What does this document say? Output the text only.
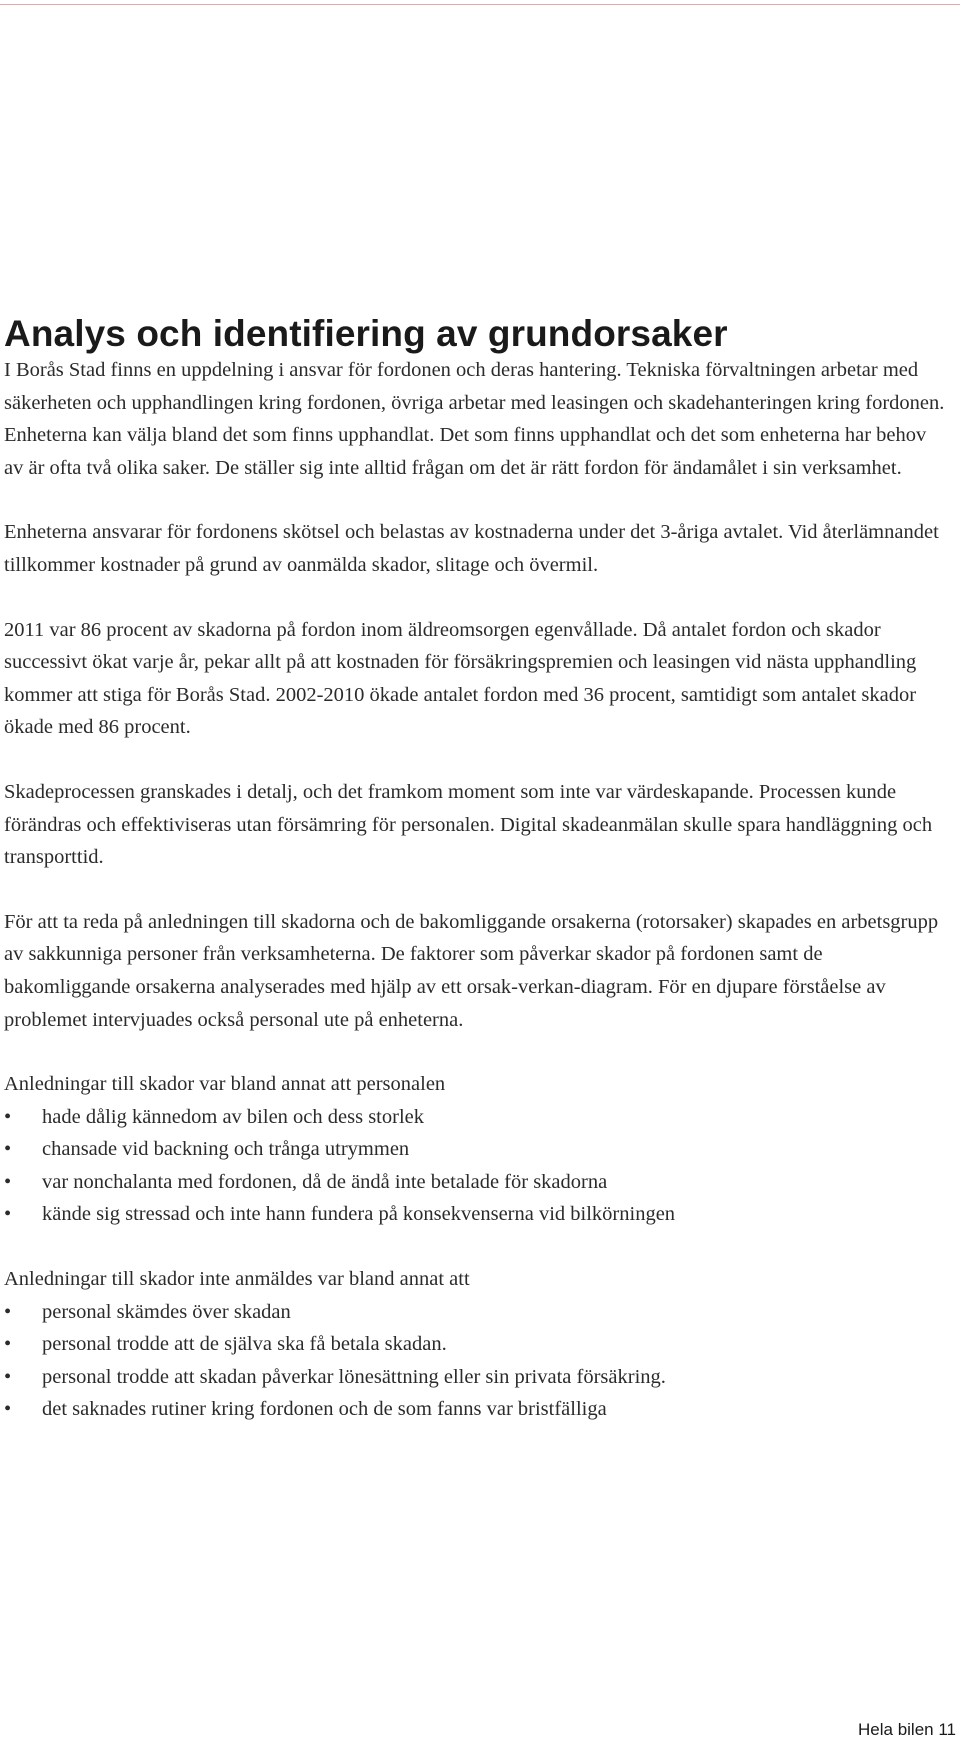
Analys och identifiering av grundorsaker

I Borås Stad finns en uppdelning i ansvar för fordonen och deras hantering. Tekniska förvaltningen arbetar med säkerheten och upphandlingen kring fordonen, övriga arbetar med leasingen och skadehanteringen kring fordonen. Enheterna kan välja bland det som finns upphandlat. Det som finns upphandlat och det som enheterna har behov av är ofta två olika saker. De ställer sig inte alltid frågan om det är rätt fordon för ändamålet i sin verksamhet.

Enheterna ansvarar för fordonens skötsel och belastas av kostnaderna under det 3-åriga avtalet. Vid återlämnandet tillkommer kostnader på grund av oanmälda skador, slitage och övermil.

2011 var 86 procent av skadorna på fordon inom äldreomsorgen egenvållade. Då antalet fordon och skador successivt ökat varje år, pekar allt på att kostnaden för försäkringspremien och leasingen vid nästa upphandling kommer att stiga för Borås Stad. 2002-2010 ökade antalet fordon med 36 procent, samtidigt som antalet skador ökade med 86 procent.

Skadeprocessen granskades i detalj, och det framkom moment som inte var värdeskapande. Processen kunde förändras och effektiviseras utan försämring för personalen. Digital skadeanmälan skulle spara handläggning och transporttid.

För att ta reda på anledningen till skadorna och de bakomliggande orsakerna (rotorsaker) skapades en arbetsgrupp av sakkunniga personer från verksamheterna. De faktorer som påverkar skador på fordonen samt de bakomliggande orsakerna analyserades med hjälp av ett orsak-verkan-diagram. För en djupare förståelse av problemet intervjuades också personal ute på enheterna.

Anledningar till skador var bland annat att personalen

• hade dålig kännedom av bilen och dess storlek
• chansade vid backning och trånga utrymmen
• var nonchalanta med fordonen, då de ändå inte betalade för skadorna
• kände sig stressad och inte hann fundera på konsekvenserna vid bilkörningen

Anledningar till skador inte anmäldes var bland annat att

• personal skämdes över skadan
• personal trodde att de själva ska få betala skadan.
• personal trodde att skadan påverkar lönesättning eller sin privata försäkring.
• det saknades rutiner kring fordonen och de som fanns var bristfälliga
Hela bilen 11
